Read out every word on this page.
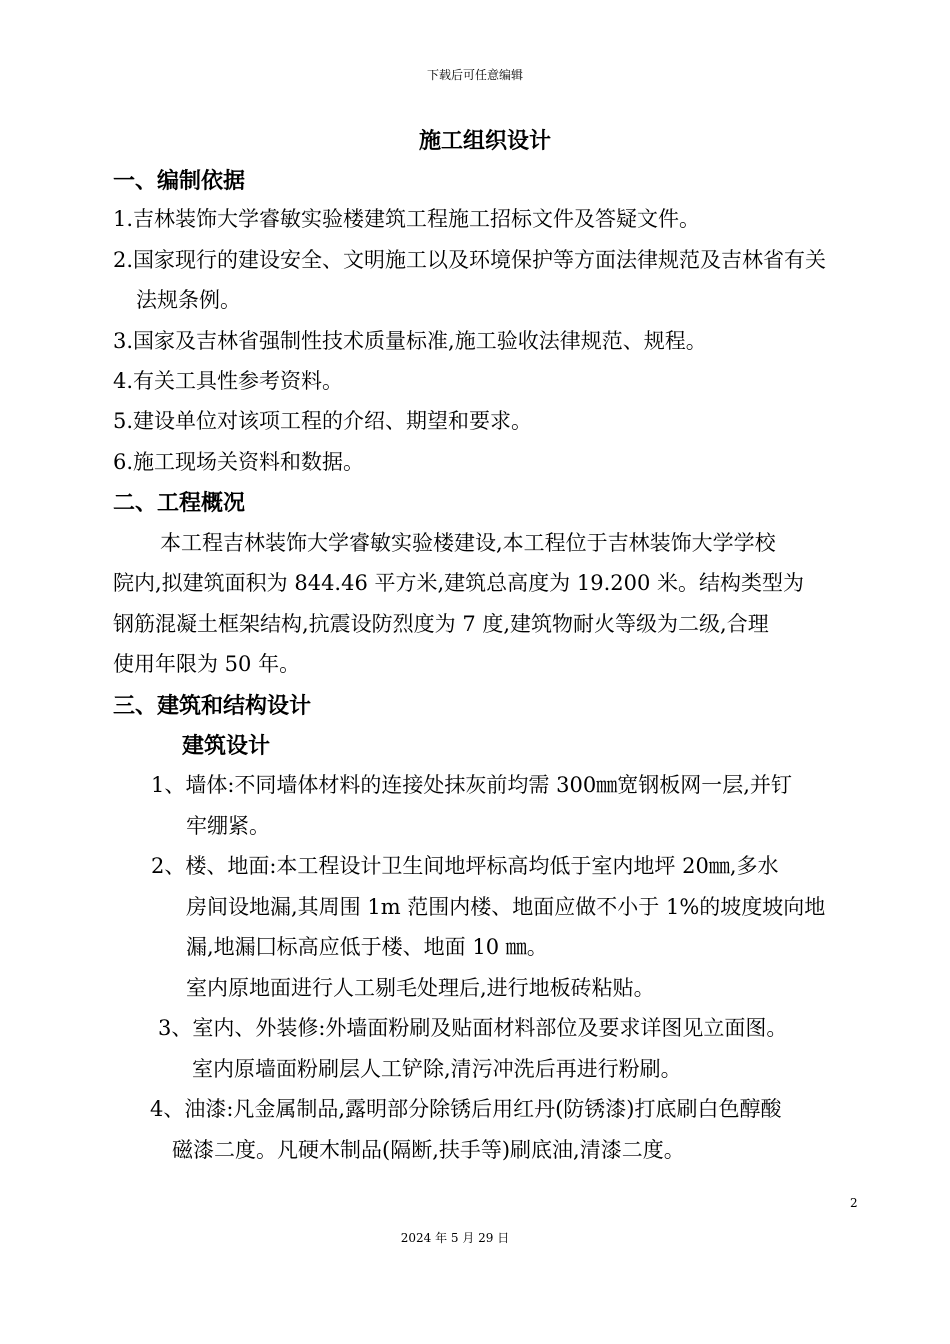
下载后可任意编辑
施工组织设计
一、编制依据
1.吉林装饰大学睿敏实验楼建筑工程施工招标文件及答疑文件。
2.国家现行的建设安全、文明施工以及环境保护等方面法律规范及吉林省有关
法规条例。
3.国家及吉林省强制性技术质量标准,施工验收法律规范、规程。
4.有关工具性参考资料。
5.建设单位对该项工程的介绍、期望和要求。
6.施工现场关资料和数据。
二、工程概况
本工程吉林装饰大学睿敏实验楼建设,本工程位于吉林装饰大学学校
院内,拟建筑面积为 844.46 平方米,建筑总高度为 19.200 米。结构类型为
钢筋混凝土框架结构,抗震设防烈度为 7 度,建筑物耐火等级为二级,合理
使用年限为 50 年。
三、建筑和结构设计
建筑设计
1、墙体:不同墙体材料的连接处抹灰前均需 300㎜宽钢板网一层,并钉
牢绷紧。
2、楼、地面:本工程设计卫生间地坪标高均低于室内地坪 20㎜,多水
房间设地漏,其周围 1m 范围内楼、地面应做不小于 1%的坡度坡向地
漏,地漏囗标高应低于楼、地面 10 ㎜。
室内原地面进行人工剔毛处理后,进行地板砖粘贴。
3、室内、外装修:外墙面粉刷及贴面材料部位及要求详图见立面图。
室内原墙面粉刷层人工铲除,清污冲洗后再进行粉刷。
4、油漆:凡金属制品,露明部分除锈后用红丹(防锈漆)打底刷白色醇酸
磁漆二度。凡硬木制品(隔断,扶手等)刷底油,清漆二度。
2
2024 年 5 月 29 日
